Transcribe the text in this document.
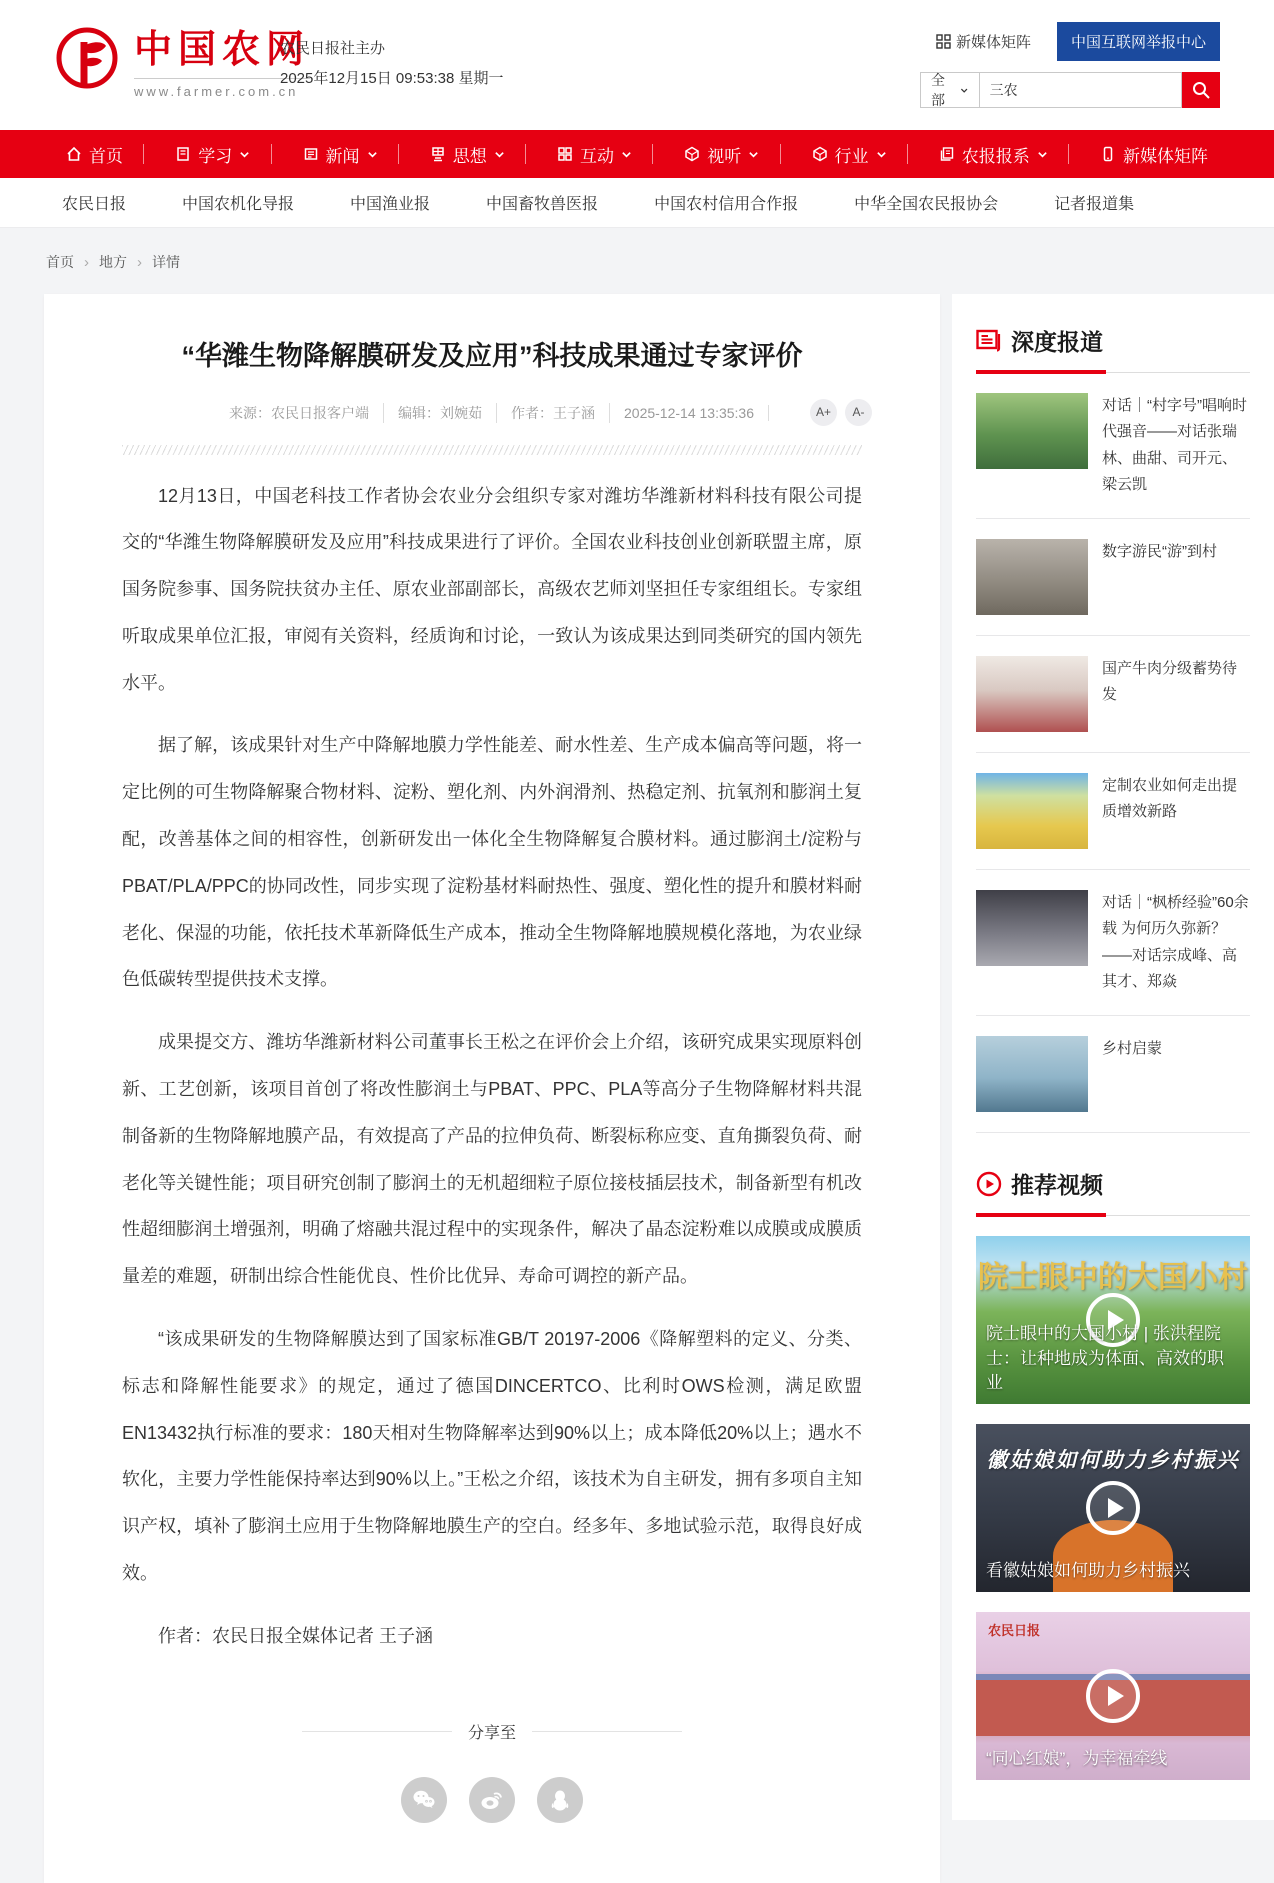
中国农网
www.farmer.com.cn
农民日报社主办
2025年12月15日 09:53:38 星期一
新媒体矩阵	中国互联网举报中心
全部
三农
首页	学习	新闻	思想	互动	视听	行业	农报报系	新媒体矩阵
农民日报	中国农机化导报	中国渔业报	中国畜牧兽医报	中国农村信用合作报	中华全国农民报协会	记者报道集
首页 › 地方 › 详情
“华潍生物降解膜研发及应用”科技成果通过专家评价
来源：农民日报客户端	编辑：刘婉茹	作者：王子涵	2025-12-14 13:35:36	A+	A-

12月13日，中国老科技工作者协会农业分会组织专家对潍坊华潍新材料科技有限公司提交的“华潍生物降解膜研发及应用”科技成果进行了评价。全国农业科技创业创新联盟主席，原国务院参事、国务院扶贫办主任、原农业部副部长，高级农艺师刘坚担任专家组组长。专家组听取成果单位汇报，审阅有关资料，经质询和讨论，一致认为该成果达到同类研究的国内领先水平。

据了解，该成果针对生产中降解地膜力学性能差、耐水性差、生产成本偏高等问题，将一定比例的可生物降解聚合物材料、淀粉、塑化剂、内外润滑剂、热稳定剂、抗氧剂和膨润土复配，改善基体之间的相容性，创新研发出一体化全生物降解复合膜材料。通过膨润土/淀粉与PBAT/PLA/PPC的协同改性，同步实现了淀粉基材料耐热性、强度、塑化性的提升和膜材料耐老化、保湿的功能，依托技术革新降低生产成本，推动全生物降解地膜规模化落地，为农业绿色低碳转型提供技术支撑。

成果提交方、潍坊华潍新材料公司董事长王松之在评价会上介绍，该研究成果实现原料创新、工艺创新，该项目首创了将改性膨润土与PBAT、PPC、PLA等高分子生物降解材料共混制备新的生物降解地膜产品，有效提高了产品的拉伸负荷、断裂标称应变、直角撕裂负荷、耐老化等关键性能；项目研究创制了膨润土的无机超细粒子原位接枝插层技术，制备新型有机改性超细膨润土增强剂，明确了熔融共混过程中的实现条件，解决了晶态淀粉难以成膜或成膜质量差的难题，研制出综合性能优良、性价比优异、寿命可调控的新产品。

“该成果研发的生物降解膜达到了国家标准GB/T 20197-2006《降解塑料的定义、分类、标志和降解性能要求》的规定，通过了德国DINCERTCO、比利时OWS检测，满足欧盟EN13432执行标准的要求：180天相对生物降解率达到90%以上；成本降低20%以上；遇水不软化，主要力学性能保持率达到90%以上。”王松之介绍，该技术为自主研发，拥有多项自主知识产权，填补了膨润土应用于生物降解地膜生产的空白。经多年、多地试验示范，取得良好成效。

作者：农民日报全媒体记者 王子涵

分享至
深度报道
对话｜“村字号”唱响时代强音——对话张瑞林、曲甜、司开元、梁云凯
数字游民“游”到村
国产牛肉分级蓄势待发
定制农业如何走出提质增效新路
对话｜“枫桥经验”60余载 为何历久弥新？——对话宗成峰、高其才、郑焱
乡村启蒙
推荐视频
院士眼中的大国小村
院士眼中的大国小村 | 张洪程院士：让种地成为体面、高效的职业
徽姑娘如何助力乡村振兴
看徽姑娘如何助力乡村振兴
农民日报
“同心红娘”，为幸福牵线
